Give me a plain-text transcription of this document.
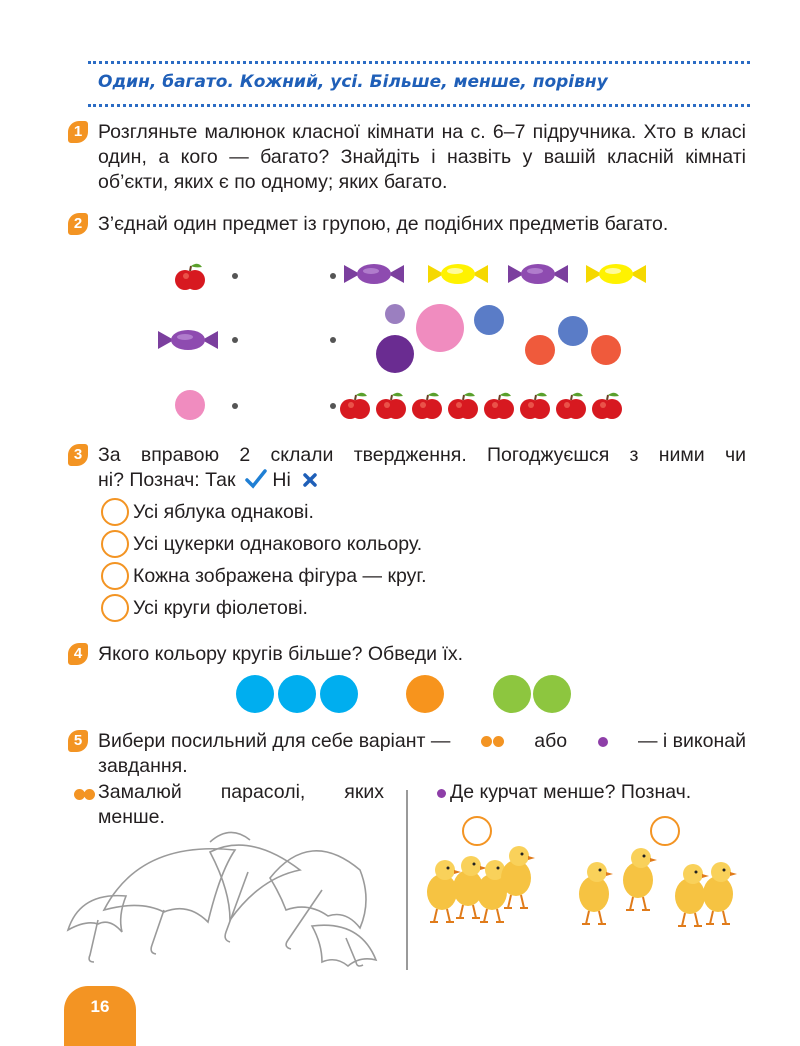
Один, багато. Кожний, усі. Більше, менше, порівну
1 Розгляньте малюнок класної кімнати на с. 6–7 підручника. Хто в класі один, а кого — багато? Знайдіть і назвіть у вашій класній кімнаті об’єкти, яких є по одному; яких багато.
2 З’єднай один предмет із групою, де подібних предметів багато.
3 За вправою 2 склали твердження. Погоджуєшся з ними чи
ні? Познач: Так Ні
Усі яблука однакові.
Усі цукерки однакового кольору.
Кожна зображена фігура — круг.
Усі круги фіолетові.
4 Якого кольору кругів більше? Обведи їх.
5 Вибери посильний для себе варіант —	або	— і виконай
завдання.
Замалюй парасолі, яких менше.
Де курчат менше? Познач.
16
